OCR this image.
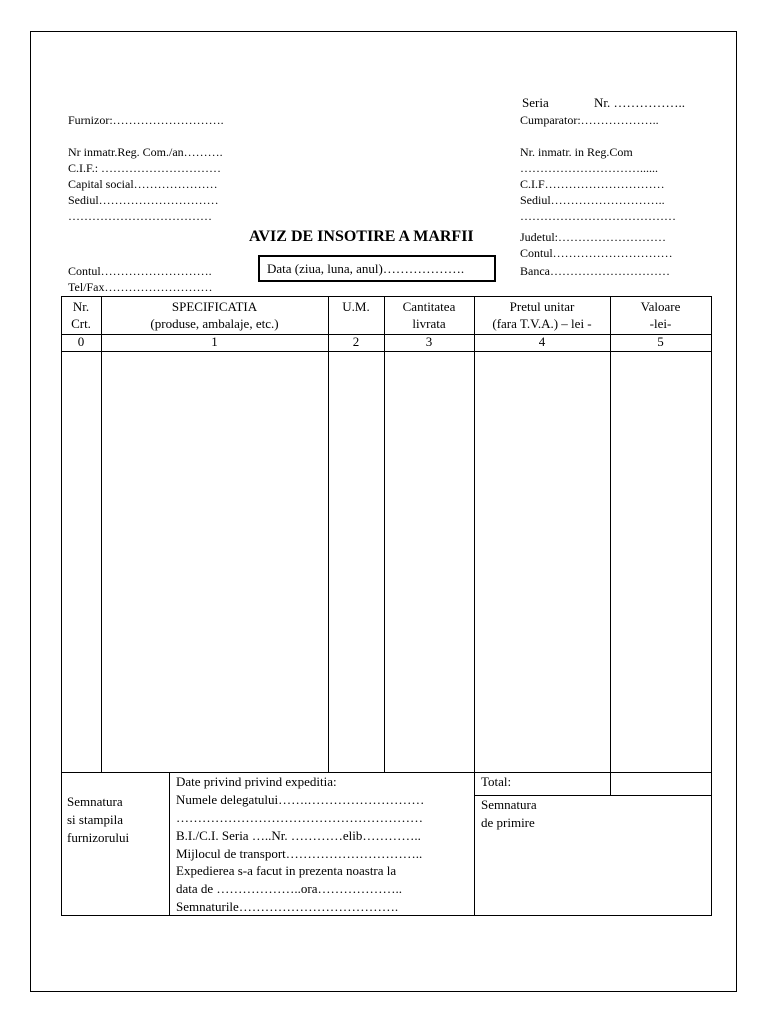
Furnizor:……………………….
Nr inmatr.Reg. Com./an……….
C.I.F.: …………………………
Capital social…………………
Sediul…………………………
………………………………
Contul……………………….
Tel/Fax………………………
Seria	Nr. ……………..
Cumparator:………………..
Nr. inmatr. in Reg.Com
…………………………......
C.I.F…………………………
Sediul………………………..
…………………………………
Judetul:………………………
Contul…………………………
Banca…………………………
AVIZ DE INSOTIRE A MARFII
Data (ziua, luna, anul)……………….
Nr.
Crt.
0
SPECIFICATIA
(produse, ambalaje, etc.)
1
U.M.
2
Cantitatea
livrata
3
Pretul unitar
(fara T.V.A.) – lei -
4
Valoare
-lei-
5
Semnatura
si stampila
furnizorului
Date privind privind expeditia:
Numele delegatului…….………………………
…………………………………………………
B.I./C.I. Seria …..Nr. …………elib…………..
Mijlocul de transport…………………………..
Expedierea s-a facut in prezenta noastra la
data de ………………..ora………………..
Semnaturile……………………………….
Total:
Semnatura
de primire
